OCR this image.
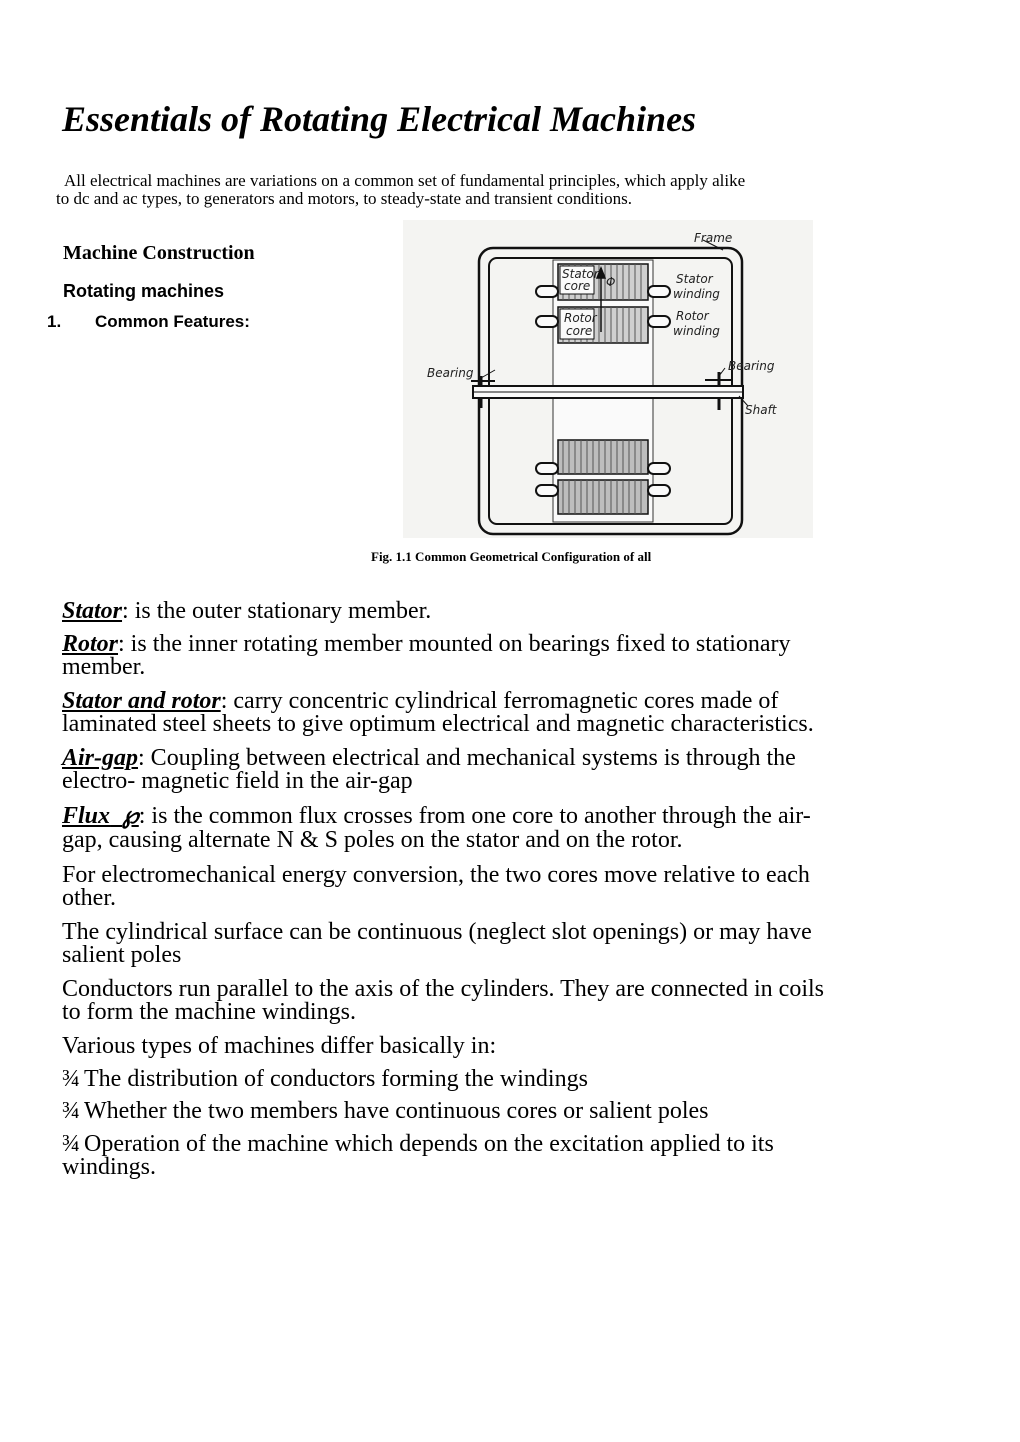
Essentials of Rotating Electrical Machines
All electrical machines are variations on a common set of fundamental principles, which apply alike
to dc and ac types, to generators and motors, to steady-state and transient conditions.
Machine Construction
Rotating machines
1. Common Features:
Frame
Stator
core Φ	Stator
winding
Rotor
core
Rotor
winding
Bearing	Bearing
Shaft
Fig. 1.1 Common Geometrical Configuration of all
Stator: is the outer stationary member.
Rotor: is the inner rotating member mounted on bearings fixed to stationary
member.
Stator and rotor: carry concentric cylindrical ferromagnetic cores made of
laminated steel sheets to give optimum electrical and magnetic characteristics.
Air-gap: Coupling between electrical and mechanical systems is through the
electro- magnetic field in the air-gap
Flux ℘: is the common flux crosses from one core to another through the air-
gap, causing alternate N & S poles on the stator and on the rotor.
For electromechanical energy conversion, the two cores move relative to each
other.
The cylindrical surface can be continuous (neglect slot openings) or may have
salient poles
Conductors run parallel to the axis of the cylinders. They are connected in coils
to form the machine windings.
Various types of machines differ basically in:
¾ The distribution of conductors forming the windings
¾ Whether the two members have continuous cores or salient poles
¾ Operation of the machine which depends on the excitation applied to its
windings.
